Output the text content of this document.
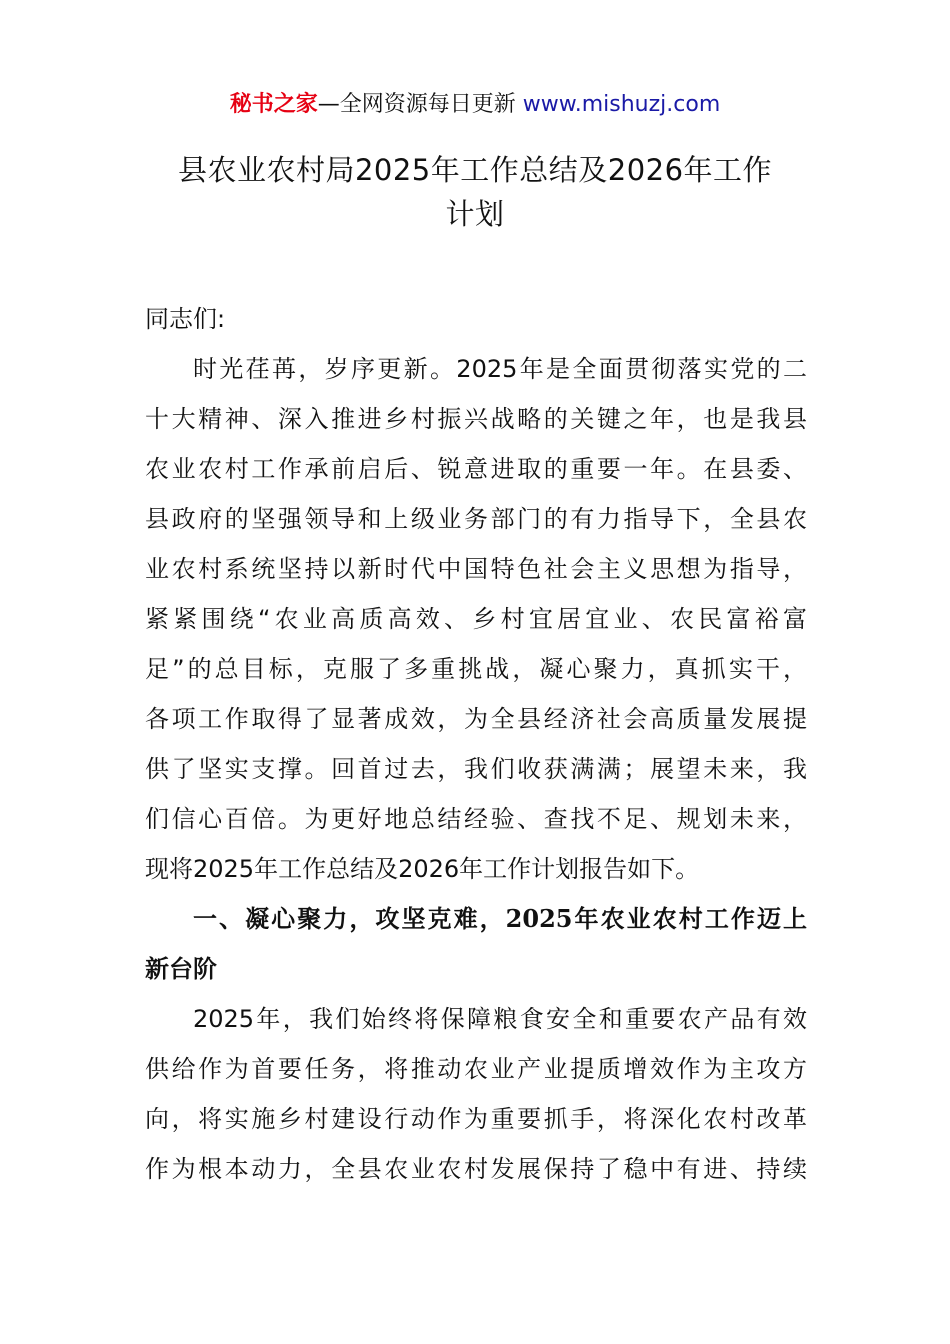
秘书之家—全网资源每日更新 www.mishuzj.com
县农业农村局2025年工作总结及2026年工作
计划
同志们:
时光荏苒，岁序更新。2025年是全面贯彻落实党的二
十大精神、深入推进乡村振兴战略的关键之年，也是我县
农业农村工作承前启后、锐意进取的重要一年。在县委、
县政府的坚强领导和上级业务部门的有力指导下，全县农
业农村系统坚持以新时代中国特色社会主义思想为指导，
紧紧围绕“农业高质高效、乡村宜居宜业、农民富裕富
足”的总目标，克服了多重挑战，凝心聚力，真抓实干，
各项工作取得了显著成效，为全县经济社会高质量发展提
供了坚实支撑。回首过去，我们收获满满；展望未来，我
们信心百倍。为更好地总结经验、查找不足、规划未来，
现将2025年工作总结及2026年工作计划报告如下。
一、凝心聚力，攻坚克难，2025年农业农村工作迈上
新台阶
2025年，我们始终将保障粮食安全和重要农产品有效
供给作为首要任务，将推动农业产业提质增效作为主攻方
向，将实施乡村建设行动作为重要抓手，将深化农村改革
作为根本动力，全县农业农村发展保持了稳中有进、持续
